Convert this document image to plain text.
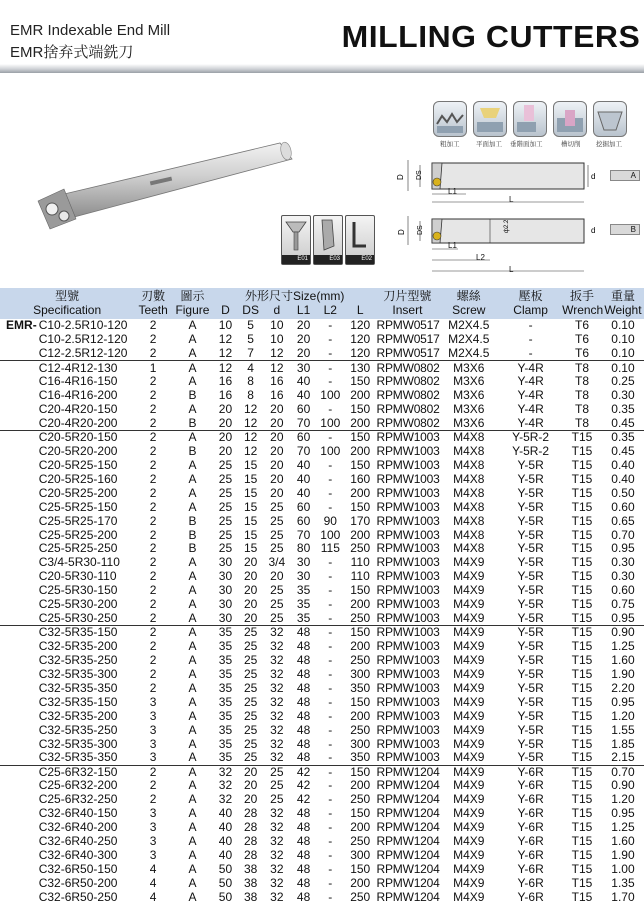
EMR Indexable End Mill
EMR捨弃式端銑刀	MILLING CUTTERS
E01	E03	E02
粗加工	平面加工 垂階面加工	槽切削 挖掘加工
D DS	d
L1
L
A
D DS	d
ф2.2
L1
L2
L
B
型號		刃數	圖示	外形尺寸Size(mm)						刀片型號	螺絲	壓板	扳手	重量
Specification		Teeth	Figure	D	DS	d	L1	L2	L	Insert	Screw	Clamp	Wrench	Weight
EMR-	C10-2.5R10-120	2	A	10	5	10	20	-	120	RPMW0517	M2X4.5	-	T6	0.10
	C10-2.5R12-120	2	A	12	5	10	20	-	120	RPMW0517	M2X4.5	-	T6	0.10
	C12-2.5R12-120	2	A	12	7	12	20	-	120	RPMW0517	M2X4.5	-	T6	0.10
	C12-4R12-130	1	A	12	4	12	30	-	130	RPMW0802	M3X6	Y-4R	T8	0.10
	C16-4R16-150	2	A	16	8	16	40	-	150	RPMW0802	M3X6	Y-4R	T8	0.25
	C16-4R16-200	2	B	16	8	16	40	100	200	RPMW0802	M3X6	Y-4R	T8	0.30
	C20-4R20-150	2	A	20	12	20	60	-	150	RPMW0802	M3X6	Y-4R	T8	0.35
	C20-4R20-200	2	B	20	12	20	70	100	200	RPMW0802	M3X6	Y-4R	T8	0.45
	C20-5R20-150	2	A	20	12	20	60	-	150	RPMW1003	M4X8	Y-5R-2	T15	0.35
	C20-5R20-200	2	B	20	12	20	70	100	200	RPMW1003	M4X8	Y-5R-2	T15	0.45
	C20-5R25-150	2	A	25	15	20	40	-	150	RPMW1003	M4X8	Y-5R	T15	0.40
	C20-5R25-160	2	A	25	15	20	40	-	160	RPMW1003	M4X8	Y-5R	T15	0.40
	C20-5R25-200	2	A	25	15	20	40	-	200	RPMW1003	M4X8	Y-5R	T15	0.50
	C25-5R25-150	2	A	25	15	25	60	-	150	RPMW1003	M4X8	Y-5R	T15	0.60
	C25-5R25-170	2	B	25	15	25	60	90	170	RPMW1003	M4X8	Y-5R	T15	0.65
	C25-5R25-200	2	B	25	15	25	70	100	200	RPMW1003	M4X8	Y-5R	T15	0.70
	C25-5R25-250	2	B	25	15	25	80	115	250	RPMW1003	M4X8	Y-5R	T15	0.95
	C3/4-5R30-110	2	A	30	20	3/4	30	-	110	RPMW1003	M4X9	Y-5R	T15	0.30
	C20-5R30-110	2	A	30	20	20	30	-	110	RPMW1003	M4X9	Y-5R	T15	0.30
	C25-5R30-150	2	A	30	20	25	35	-	150	RPMW1003	M4X9	Y-5R	T15	0.60
	C25-5R30-200	2	A	30	20	25	35	-	200	RPMW1003	M4X9	Y-5R	T15	0.75
	C25-5R30-250	2	A	30	20	25	35	-	250	RPMW1003	M4X9	Y-5R	T15	0.95
	C32-5R35-150	2	A	35	25	32	48	-	150	RPMW1003	M4X9	Y-5R	T15	0.90
	C32-5R35-200	2	A	35	25	32	48	-	200	RPMW1003	M4X9	Y-5R	T15	1.25
	C32-5R35-250	2	A	35	25	32	48	-	250	RPMW1003	M4X9	Y-5R	T15	1.60
	C32-5R35-300	2	A	35	25	32	48	-	300	RPMW1003	M4X9	Y-5R	T15	1.90
	C32-5R35-350	2	A	35	25	32	48	-	350	RPMW1003	M4X9	Y-5R	T15	2.20
	C32-5R35-150	3	A	35	25	32	48	-	150	RPMW1003	M4X9	Y-5R	T15	0.95
	C32-5R35-200	3	A	35	25	32	48	-	200	RPMW1003	M4X9	Y-5R	T15	1.20
	C32-5R35-250	3	A	35	25	32	48	-	250	RPMW1003	M4X9	Y-5R	T15	1.55
	C32-5R35-300	3	A	35	25	32	48	-	300	RPMW1003	M4X9	Y-5R	T15	1.85
	C32-5R35-350	3	A	35	25	32	48	-	350	RPMW1003	M4X9	Y-5R	T15	2.15
	C25-6R32-150	2	A	32	20	25	42	-	150	RPMW1204	M4X9	Y-6R	T15	0.70
	C25-6R32-200	2	A	32	20	25	42	-	200	RPMW1204	M4X9	Y-6R	T15	0.90
	C25-6R32-250	2	A	32	20	25	42	-	250	RPMW1204	M4X9	Y-6R	T15	1.20
	C32-6R40-150	3	A	40	28	32	48	-	150	RPMW1204	M4X9	Y-6R	T15	0.95
	C32-6R40-200	3	A	40	28	32	48	-	200	RPMW1204	M4X9	Y-6R	T15	1.25
	C32-6R40-250	3	A	40	28	32	48	-	250	RPMW1204	M4X9	Y-6R	T15	1.60
	C32-6R40-300	3	A	40	28	32	48	-	300	RPMW1204	M4X9	Y-6R	T15	1.90
	C32-6R50-150	4	A	50	38	32	48	-	150	RPMW1204	M4X9	Y-6R	T15	1.00
	C32-6R50-200	4	A	50	38	32	48	-	200	RPMW1204	M4X9	Y-6R	T15	1.35
	C32-6R50-250	4	A	50	38	32	48	-	250	RPMW1204	M4X9	Y-6R	T15	1.70
